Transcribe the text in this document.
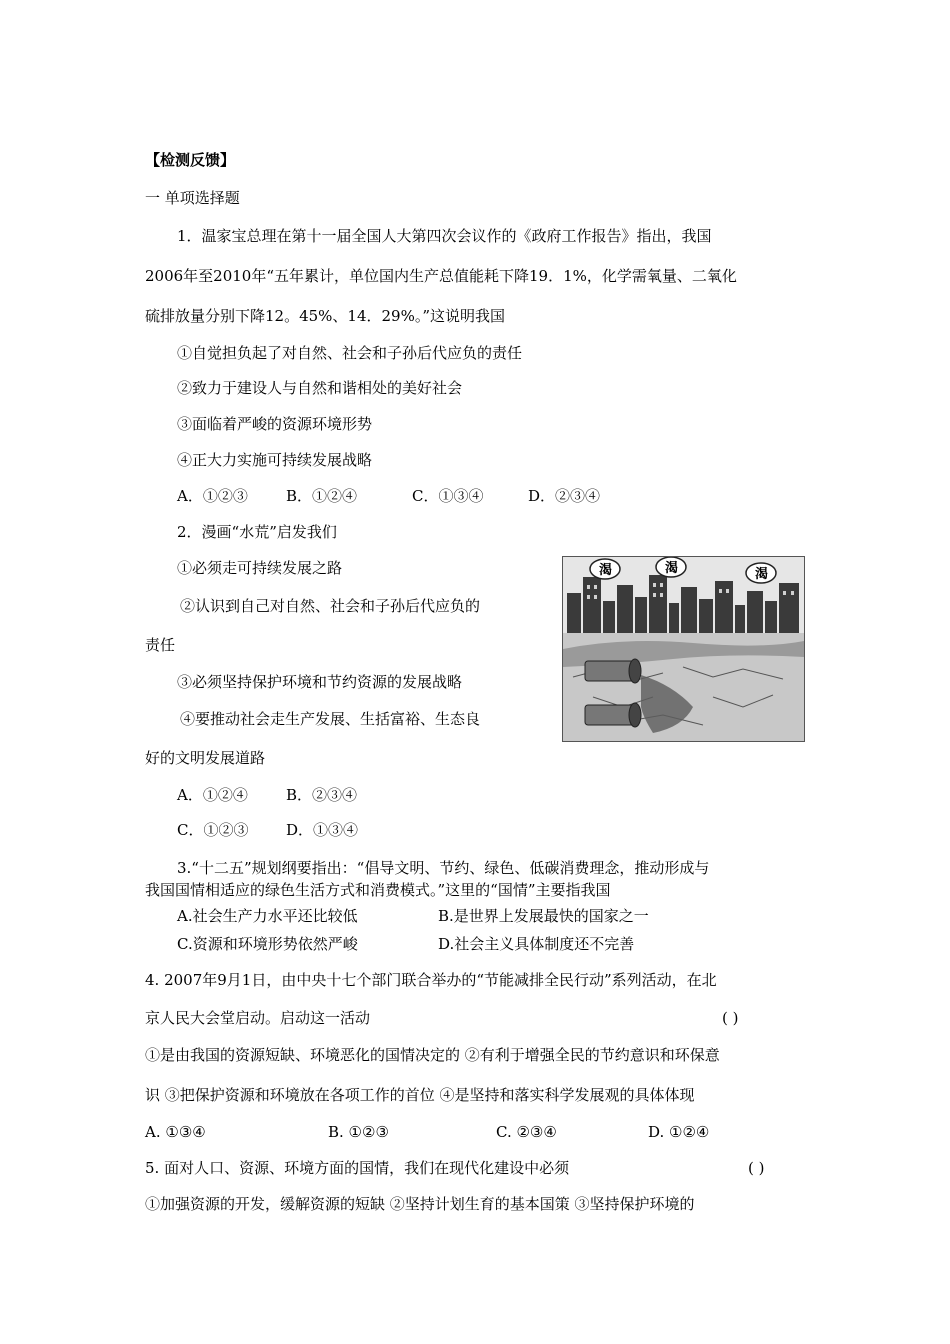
【检测反馈】
一 单项选择题
1．温家宝总理在第十一届全国人大第四次会议作的《政府工作报告》指出，我国
2006年至2010年“五年累计，单位国内生产总值能耗下降19．1%，化学需氧量、二氧化
硫排放量分别下降12。45%、14．29%。”这说明我国
①自觉担负起了对自然、社会和子孙后代应负的责任
②致力于建设人与自然和谐相处的美好社会
③面临着严峻的资源环境形势
④正大力实施可持续发展战略
A．①②③	B．①②④	C．①③④	D．②③④
2．漫画“水荒”启发我们
①必须走可持续发展之路
②认识到自己对自然、社会和子孙后代应负的
责任
③必须坚持保护环境和节约资源的发展战略
④要推动社会走生产发展、生括富裕、生态良
好的文明发展道路
A．①②④	B．②③④
C．①②③	D．①③④
渴	渴	渴
3.“十二五”规划纲要指出：“倡导文明、节约、绿色、低碳消费理念，推动形成与
我国国情相适应的绿色生活方式和消费模式。”这里的“国情”主要指我国
A.社会生产力水平还比较低	B.是世界上发展最快的国家之一
C.资源和环境形势依然严峻	D.社会主义具体制度还不完善
4. 2007年9月1日，由中央十七个部门联合举办的“节能减排全民行动”系列活动，在北
京人民大会堂启动。启动这一活动	( )
①是由我国的资源短缺、环境恶化的国情决定的 ②有利于增强全民的节约意识和环保意
识 ③把保护资源和环境放在各项工作的首位 ④是坚持和落实科学发展观的具体体现
A. ①③④	B. ①②③	C. ②③④	D. ①②④
5. 面对人口、资源、环境方面的国情，我们在现代化建设中必须	( )
①加强资源的开发，缓解资源的短缺 ②坚持计划生育的基本国策 ③坚持保护环境的
